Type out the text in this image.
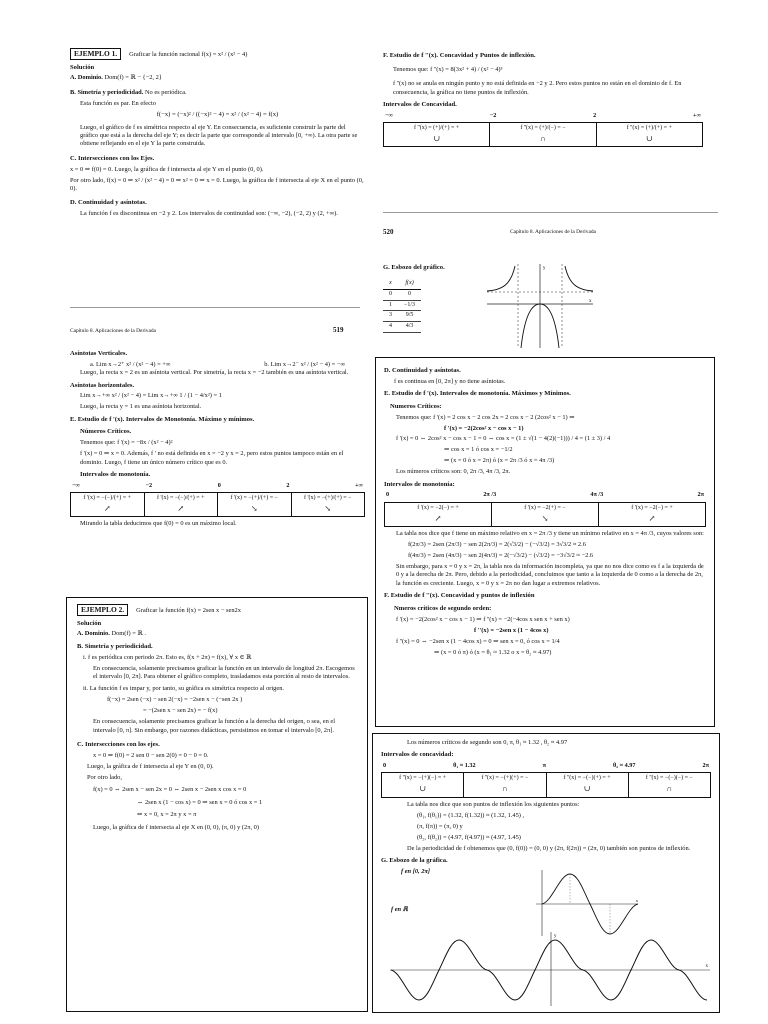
EJEMPLO 1. Graficar la función racional f(x) = x² / (x² − 4)

Solución

A. Dominio. Dom(f) = ℝ − {−2, 2}

B. Simetría y periodicidad. No es periódica.

Esta función es par. En efecto

f(−x) = (−x)² / ((−x)² − 4) = x² / (x² − 4) = f(x)

Luego, el gráfico de f es simétrica respecto al eje Y. En consecuencia, es suficiente construir la parte del gráfico que está a la derecha del eje Y; es decir la parte que corresponde al intervalo [0, +∞). La otra parte se obtiene reflejando en el eje Y la parte construida.

C. Intersecciones con los Ejes.

x = 0 ⇒ f(0) = 0. Luego, la gráfica de f intersecta al eje Y en el punto (0, 0).

Por otro lado, f(x) = 0 ⇒ x² / (x² − 4) = 0 ⇒ x² = 0 ⇒ x = 0. Luego, la gráfica de f intersecta al eje X en el punto (0, 0).

D. Continuidad y asíntotas.

La función f es discontinua en −2 y 2. Los intervalos de continuidad son: (−∞, −2), (−2, 2) y (2, +∞).

F. Estudio de f ''(x). Concavidad y Puntos de inflexión.

Tenemos que: f ''(x) = 8(3x² + 4) / (x² − 4)³

f ''(x) no se anula en ningún punto y no está definida en −2 y 2. Pero estos puntos no están en el dominio de f. En consecuencia, la gráfica no tiene puntos de inflexión.

Intervalos de Concavidad.
−∞	−2	2	+∞
f ''(x) = (+)/(+) = +
∪
f ''(x) = (+)/(−) = −
∩
f ''(x) = (+)/(+) = +
∪
520	Capítulo 8. Aplicaciones de la Derivada
G. Esbozo del gráfico.
x	f(x)
0	0
1	−1/3
3	9/5
4	4/3
y
x
Capítulo 8. Aplicaciones de la Derivada	519
Asíntotas Verticales.
a. Lim x→2⁺ x² / (x² − 4) = +∞	b. Lim x→2⁻ x² / (x² − 4) = −∞

Luego, la recta x = 2 es un asíntota vertical. Por simetría, la recta x = −2 también es una asíntota vertical.

Asíntotas horizontales.

Lim x→+∞ x² / (x² − 4) = Lim x→+∞ 1 / (1 − 4/x²) = 1

Luego, la recta y = 1 es una asíntota horizontal.

E. Estudio de f '(x). Intervalos de Monotonía. Máximo y mínimos.
Números Críticos.

Tenemos que: f '(x) = −8x / (x² − 4)²

f '(x) = 0 ⇒ x = 0. Además, f ' no está definida en x = −2 y x = 2, pero estos puntos tampoco están en el dominio. Luego, f tiene un único número crítico que es 0.

Intervalos de monotonía.
−∞	−2	0	2	+∞
f '(x) = −(−)/(+) = +
↗
f '(x) = −(−)/(+) = +
↗
f '(x) = −(+)/(+) = −
↘
f '(x) = −(+)/(+) = −
↘

Mirando la tabla deducimos que f(0) = 0 es un máximo local.

EJEMPLO 2. Graficar la función f(x) = 2sen x − sen2x

Solución

A. Dominio. Dom(f) = ℝ .

B. Simetría y periodicidad.

i. f es periódica con periodo 2π. Esto es, f(x + 2π) = f(x), ∀ x ∈ ℝ

En consecuencia, solamente precisamos graficar la función en un intervalo de longitud 2π. Escogemos el intervalo [0, 2π]. Para obtener el gráfico completo, trasladamos esta porción al resto de intervalos.

ii. La función f es impar y, por tanto, su gráfica es simétrica respecto al origen.

f(−x) = 2sen (−x) − sen 2(−x) = −2sen x − (−sen 2x )

= −(2sen x − sen 2x) = − f(x)

En consecuencia, solamente precisamos graficar la función a la derecha del origen, o sea, en el intervalo [0, π]. Sin embargo, por razones didácticas, persistimos en tomar el intervalo [0, 2π].

C. Intersecciones con los ejes.

x = 0 ⇒ f(0) = 2 sen 0 − sen 2(0) = 0 − 0 = 0.

Luego, la gráfica de f intersecta al eje Y en (0, 0).

Por otro lado,

f(x) = 0 ⇔ 2sen x − sen 2x = 0 ⇔ 2sen x − 2sen x cos x = 0

⇔ 2sen x (1 − cos x) = 0 ⇒ sen x = 0 ó cos x = 1

⇒ x = 0, x = 2π y x = π

Luego, la gráfica de f intersecta al eje X en (0, 0), (π, 0) y (2π, 0)

D. Continuidad y asíntotas.

f es continua en [0, 2π] y no tiene asíntotas.

E. Estudio de f '(x). Intervalos de monotonía. Máximos y Mínimos.
Numeros Críticos:

Tenemos que: f '(x) = 2 cos x − 2 cos 2x = 2 cos x − 2 (2cos² x − 1) ⇒

f '(x) = −2(2cos² x − cos x − 1)

f '(x) = 0 ⇔ 2cos² x − cos x − 1 = 0 ⇔ cos x = (1 ± √(1 − 4(2)(−1))) / 4 = (1 ± 3) / 4

⇒ cos x = 1 ó cos x = −1/2

⇒ (x = 0 ó x = 2π) ó (x = 2π /3 ó x = 4π /3)

Los números críticos son: 0, 2π /3, 4π /3, 2π.

Intervalos de monotonía:
0	2π /3	4π /3	2π
f '(x) = −2(−) = +
↗
f '(x) = −2(+) = −
↘
f '(x) = −2(−) = +
↗

La tabla nos dice que f tiene un máximo relativo en x = 2π /3 y tiene un mínimo relativo en x = 4π /3, cuyos valores son:

f(2π/3) = 2sen (2π/3) − sen 2(2π/3) = 2(√3/2) − (−√3/2) = 3√3/2 ≈ 2.6

f(4π/3) = 2sen (4π/3) − sen 2(4π/3) = 2(−√3/2) − (√3/2) = −3√3/2 ≈ −2.6

Sin embargo, para x = 0 y x = 2π, la tabla nos da información incompleta, ya que no nos dice como es f a la izquierda de 0 y a la derecha de 2π. Pero, debido a la periodicidad, concluimos que tanto a la izquierda de 0 como a la derecha de 2π, la función es creciente. Luego, x = 0 y x = 2π no dan lugar a extremos relativos.

F. Estudio de f ''(x). Concavidad y puntos de inflexión
Nmeros críticos de segundo orden:

f '(x) = −2(2cos² x − cos x − 1) ⇒ f ''(x) = −2(−4cos x sen x + sen x)

f ''(x) = −2sen x (1 − 4cos x)

f ''(x) = 0 ⇔ −2sen x (1 − 4cos x) = 0 ⇒ sen x = 0, ó cos x = 1/4

⇒ (x = 0 ó π) ó (x = θ₁ ≈ 1.32 o x = θ₂ ≈ 4.97)

Los números críticos de segundo son 0, π, θ₁ ≈ 1.32 , θ₂ ≈ 4.97

Intervalos de concavidad:
0	θ₁ ≈ 1.32	π	θ₂ ≈ 4.97	2π
f ''(x) = −(+)(−) = +
∪
f ''(x) = −(+)(+) = −
∩
f ''(x) = −(−)(+) = +
∪
f ''(x) = −(−)(−) = −
∩

La tabla nos dice que son puntos de inflexión los siguientes puntos:

(θ₁, f(θ₁)) = (1.32, f(1.32)) ≈ (1.32, 1.45) ,

(π, f(π)) = (π, 0) y

(θ₂, f(θ₂)) = (4.97, f(4.97)) ≈ (4.97, 1.45)

De la periodicidad de f obtenemos que (0, f(0)) = (0, 0) y (2π, f(2π)) = (2π, 0) también son puntos de inflexión.

G. Esbozo de la gráfica.

f en [0, 2π]

f en ℝ

x
x
y
